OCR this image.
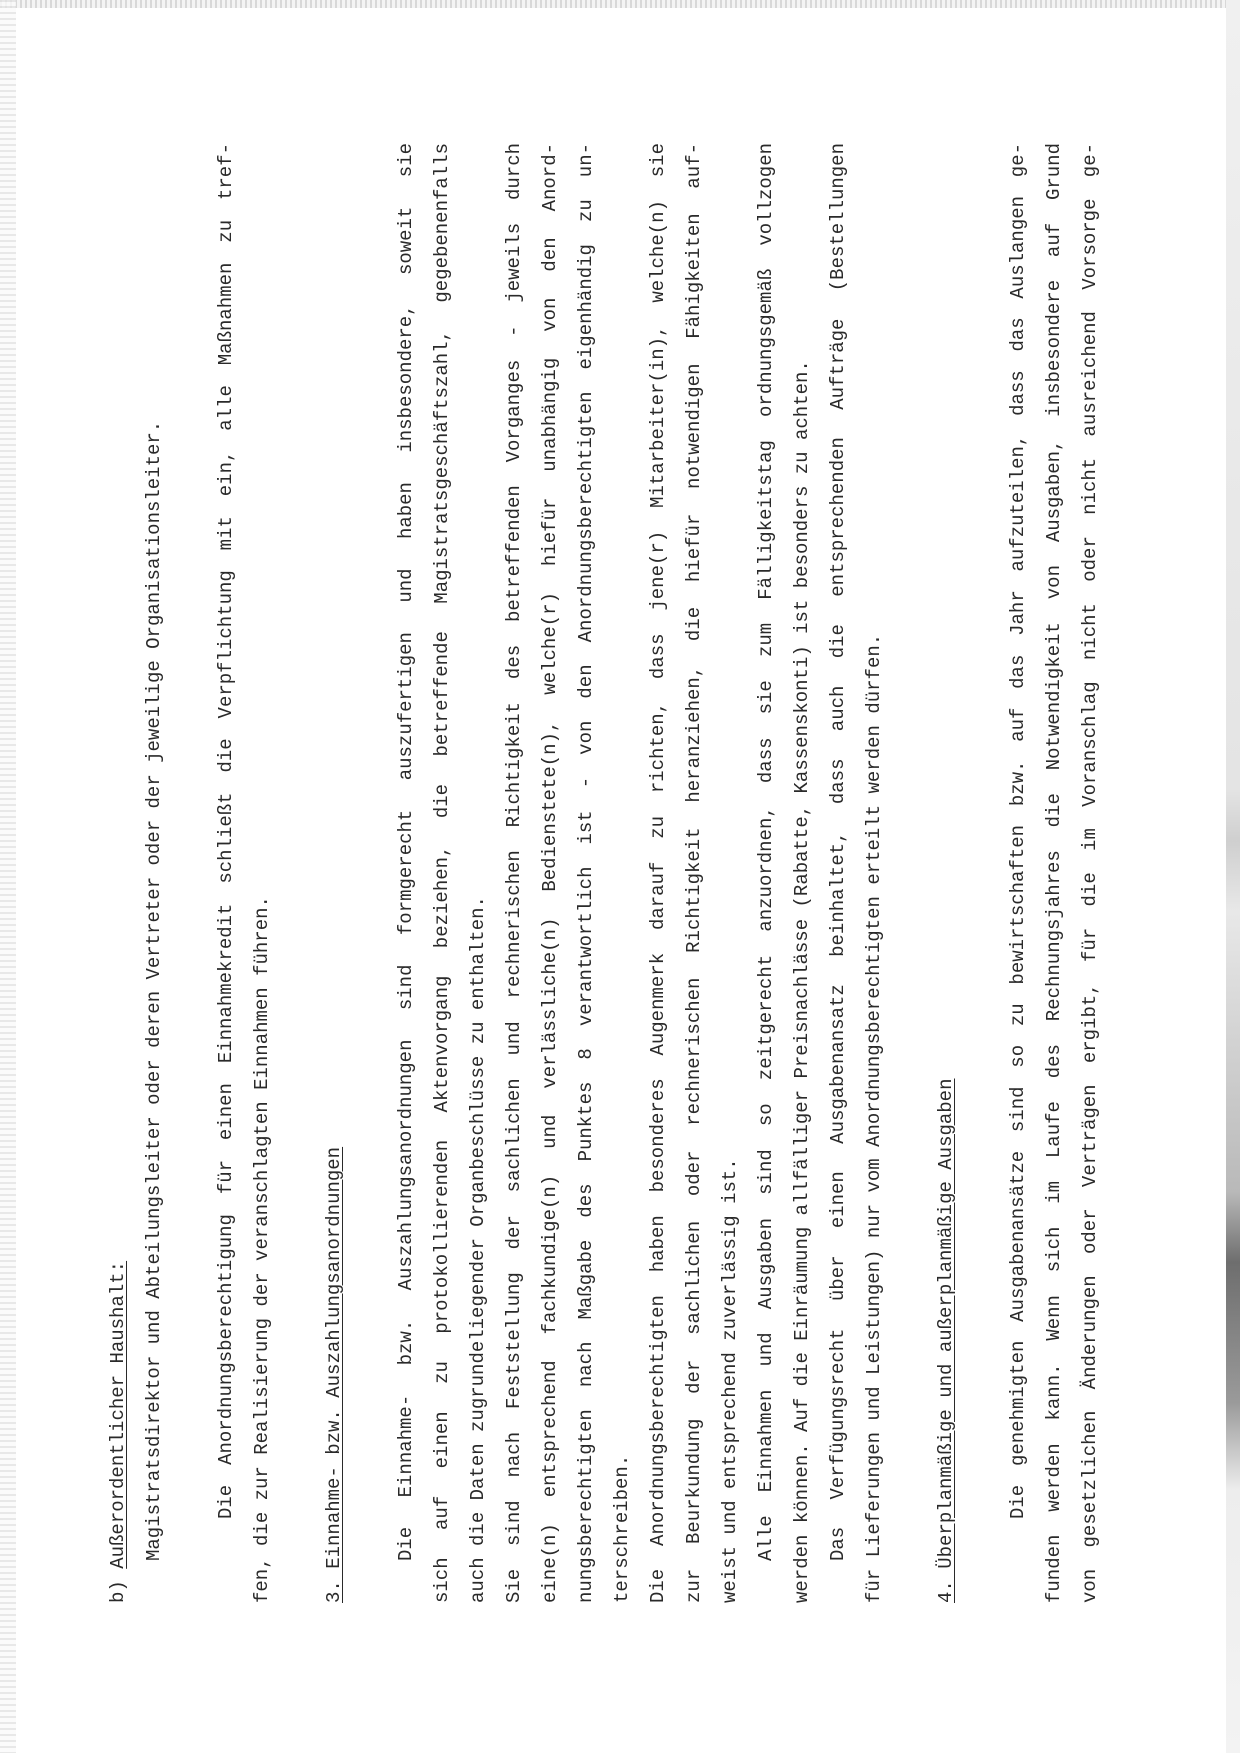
b) Außerordentlicher Haushalt: Magistratsdirektor und Abteilungsleiter oder deren Vertreter oder der jeweilige Organisationsleiter.	Die Anordnungsberechtigung für einen Einnahmekredit schließt die Verpflichtung mit ein, alle Maßnahmen zu tref- fen, die zur Realisierung der veranschlagten Einnahmen führen.	3. Einnahme- bzw. Auszahlungsanordnungen	Die Einnahme- bzw. Auszahlungsanordnungen sind formgerecht auszufertigen und haben insbesondere, soweit sie sich auf einen zu protokollierenden Aktenvorgang beziehen, die betreffende Magistratsgeschäftszahl, gegebenenfalls auch die Daten zugrundeliegender Organbeschlüsse zu enthalten. Sie sind nach Feststellung der sachlichen und rechnerischen Richtigkeit des betreffenden Vorganges - jeweils durch eine(n) entsprechend fachkundige(n) und verlässliche(n) Bedienstete(n), welche(r) hiefür unabhängig von den Anord- nungsberechtigten nach Maßgabe des Punktes 8 verantwortlich ist - von den Anordnungsberechtigten eigenhändig zu un- terschreiben. Die Anordnungsberechtigten haben besonderes Augenmerk darauf zu richten, dass jene(r) Mitarbeiter(in), welche(n) sie zur Beurkundung der sachlichen oder rechnerischen Richtigkeit heranziehen, die hiefür notwendigen Fähigkeiten auf- weist und entsprechend zuverlässig ist. Alle Einnahmen und Ausgaben sind so zeitgerecht anzuordnen, dass sie zum Fälligkeitstag ordnungsgemäß vollzogen werden können. Auf die Einräumung allfälliger Preisnachlässe (Rabatte, Kassenskonti) ist besonders zu achten. Das Verfügungsrecht über einen Ausgabenansatz beinhaltet, dass auch die entsprechenden Aufträge (Bestellungen für Lieferungen und Leistungen) nur vom Anordnungsberechtigten erteilt werden dürfen.	4. Überplanmäßige und außerplanmäßige Ausgaben	Die genehmigten Ausgabenansätze sind so zu bewirtschaften bzw. auf das Jahr aufzuteilen, dass das Auslangen ge- funden werden kann. Wenn sich im Laufe des Rechnungsjahres die Notwendigkeit von Ausgaben, insbesondere auf Grund von gesetzlichen Änderungen oder Verträgen ergibt, für die im Voranschlag nicht oder nicht ausreichend Vorsorge ge-
